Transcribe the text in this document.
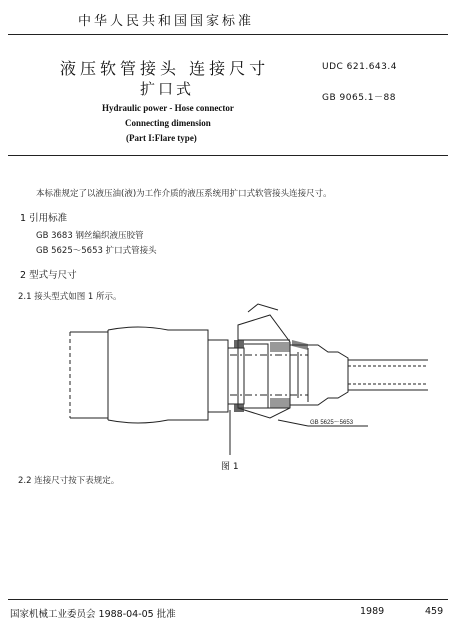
中华人民共和国国家标准
液压软管接头 连接尺寸
扩口式
UDC 621.643.4
GB 9065.1－88
Hydraulic power - Hose connector
Connecting dimension
(Part I:Flare type)
本标准规定了以液压油(液)为工作介质的液压系统用扩口式软管接头连接尺寸。
1 引用标准
GB 3683 钢丝编织液压胶管
GB 5625～5653 扩口式管接头
2 型式与尺寸
2.1 接头型式如图 1 所示。
GB 5625～5653
图 1
2.2 连接尺寸按下表规定。
国家机械工业委员会 1988-04-05 批准	1989	459
